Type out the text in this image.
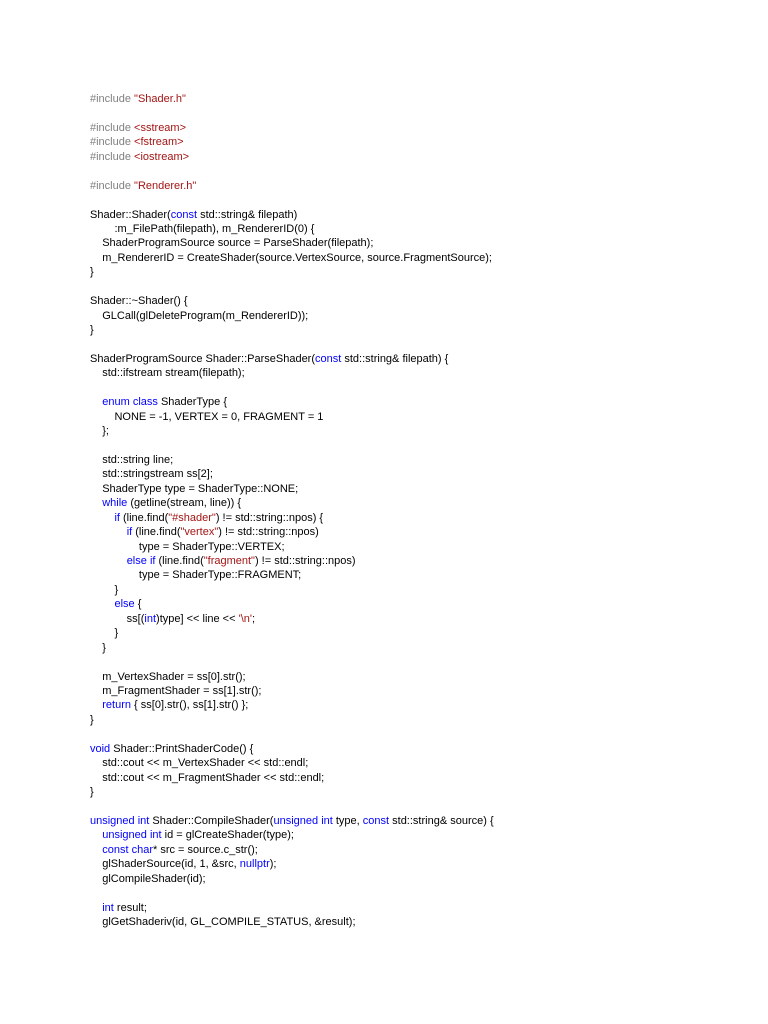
#include "Shader.h"
#include <sstream>
#include <fstream>
#include <iostream>
#include "Renderer.h"
Shader::Shader(const std::string& filepath)
:m_FilePath(filepath), m_RendererID(0) {
ShaderProgramSource source = ParseShader(filepath);
m_RendererID = CreateShader(source.VertexSource, source.FragmentSource);
}
Shader::~Shader() {
GLCall(glDeleteProgram(m_RendererID));
}
ShaderProgramSource Shader::ParseShader(const std::string& filepath) {
std::ifstream stream(filepath);
enum class ShaderType {
NONE = -1, VERTEX = 0, FRAGMENT = 1
};
std::string line;
std::stringstream ss[2];
ShaderType type = ShaderType::NONE;
while (getline(stream, line)) {
if (line.find("#shader") != std::string::npos) {
if (line.find("vertex") != std::string::npos)
type = ShaderType::VERTEX;
else if (line.find("fragment") != std::string::npos)
type = ShaderType::FRAGMENT;
}
else {
ss[(int)type] << line << '\n';
}
}
m_VertexShader = ss[0].str();
m_FragmentShader = ss[1].str();
return { ss[0].str(), ss[1].str() };
}
void Shader::PrintShaderCode() {
std::cout << m_VertexShader << std::endl;
std::cout << m_FragmentShader << std::endl;
}
unsigned int Shader::CompileShader(unsigned int type, const std::string& source) {
unsigned int id = glCreateShader(type);
const char* src = source.c_str();
glShaderSource(id, 1, &src, nullptr);
glCompileShader(id);
int result;
glGetShaderiv(id, GL_COMPILE_STATUS, &result);
